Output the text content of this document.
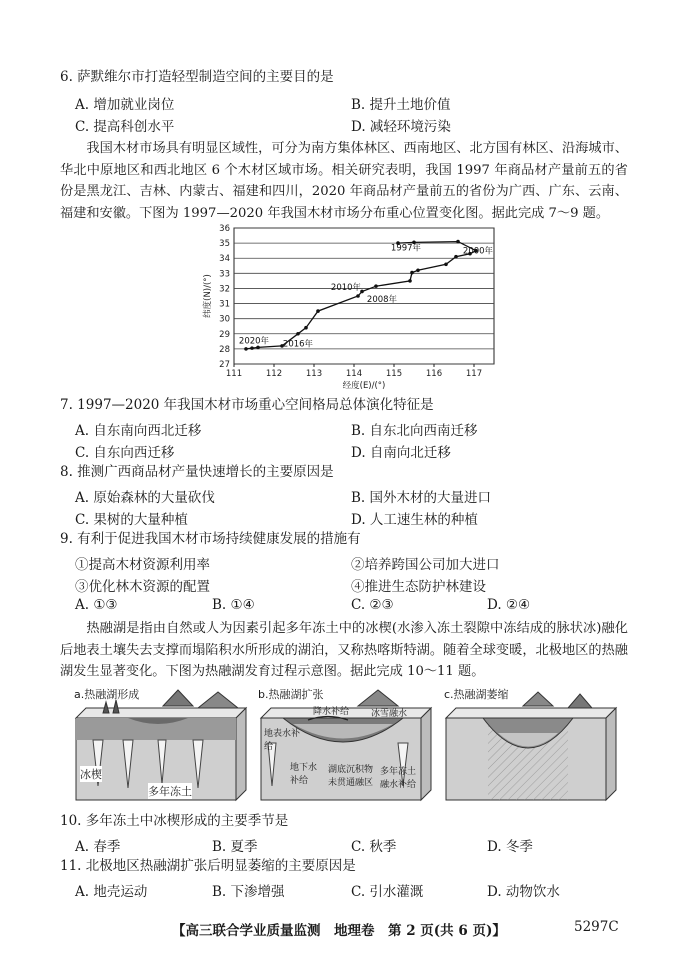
6. 萨默维尔市打造轻型制造空间的主要目的是
A. 增加就业岗位	B. 提升土地价值
C. 提高科创水平	D. 减轻环境污染
我国木材市场具有明显区域性，可分为南方集体林区、西南地区、北方国有林区、沿海城市、华北中原地区和西北地区 6 个木材区域市场。相关研究表明，我国 1997 年商品材产量前五的省份是黑龙江、吉林、内蒙古、福建和四川，2020 年商品材产量前五的省份为广西、广东、云南、福建和安徽。下图为 1997—2020 年我国木材市场分布重心位置变化图。据此完成 7～9 题。
27
28
29
30
31
32
33
34
35
36
111	112	113	114	115	116	117
经度(E)/(°)
纬度(N)/(°)
1997年	2000年
2010年
2008年
2016年
2020年
7. 1997—2020 年我国木材市场重心空间格局总体演化特征是
A. 自东南向西北迁移	B. 自东北向西南迁移
C. 自东向西迁移	D. 自南向北迁移
8. 推测广西商品材产量快速增长的主要原因是
A. 原始森林的大量砍伐	B. 国外木材的大量进口
C. 果树的大量种植	D. 人工速生林的种植
9. 有利于促进我国木材市场持续健康发展的措施有
①提高木材资源利用率	②培养跨国公司加大进口
③优化林木资源的配置	④推进生态防护林建设
A. ①③	B. ①④	C. ②③	D. ②④
热融湖是指由自然或人为因素引起多年冻土中的冰楔(水渗入冻土裂隙中冻结成的脉状冰)融化后地表土壤失去支撑而塌陷积水所形成的湖泊，又称热喀斯特湖。随着全球变暖，北极地区的热融湖发生显著变化。下图为热融湖发育过程示意图。据此完成 10～11 题。
a.热融湖形成	b.热融湖扩张	c.热融湖萎缩
冰楔
多年冻土
降水补给 冰雪融水
地表水补给
地下水补给
湖底沉积物未贯通融区
多年冻土融水补给
10. 多年冻土中冰楔形成的主要季节是
A. 春季	B. 夏季	C. 秋季	D. 冬季
11. 北极地区热融湖扩张后明显萎缩的主要原因是
A. 地壳运动	B. 下渗增强	C. 引水灌溉	D. 动物饮水
【高三联合学业质量监测　地理卷　第 2 页(共 6 页)】	5297C
